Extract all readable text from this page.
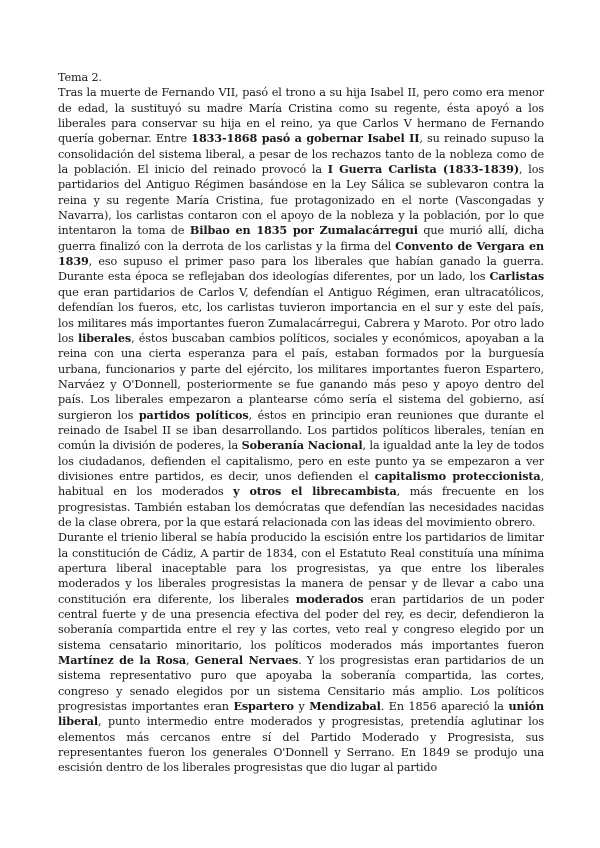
Tema 2.

Tras la muerte de Fernando VII, pasó el trono a su hija Isabel II, pero como era menor de edad, la sustituyó su madre María Cristina como su regente, ésta apoyó a los liberales para conservar su hija en el reino, ya que Carlos V hermano de Fernando quería gobernar. Entre 1833-1868 pasó a gobernar Isabel II, su reinado supuso la consolidación del sistema liberal, a pesar de los rechazos tanto de la nobleza como de la población. El inicio del reinado provocó la I Guerra Carlista (1833-1839), los partidarios del Antiguo Régimen basándose en la Ley Sálica se sublevaron contra la reina y su regente María Cristina, fue protagonizado en el norte (Vascongadas y Navarra), los carlistas contaron con el apoyo de la nobleza y la población, por lo que intentaron la toma de Bilbao en 1835 por Zumalacárregui que murió allí, dicha guerra finalizó con la derrota de los carlistas y la firma del Convento de Vergara en 1839, eso supuso el primer paso para los liberales que habían ganado la guerra. Durante esta época se reflejaban dos ideologías diferentes, por un lado, los Carlistas que eran partidarios de Carlos V, defendían el Antiguo Régimen, eran ultracatólicos, defendían los fueros, etc, los carlistas tuvieron importancia en el sur y este del país, los militares más importantes fueron Zumalacárregui, Cabrera y Maroto. Por otro lado los liberales, éstos buscaban cambios políticos, sociales y económicos, apoyaban a la reina con una cierta esperanza para el país, estaban formados por la burguesía urbana, funcionarios y parte del ejército, los militares importantes fueron Espartero, Narváez y O'Donnell, posteriormente se fue ganando más peso y apoyo dentro del país. Los liberales empezaron a plantearse cómo sería el sistema del gobierno, así surgieron los partidos políticos, éstos en principio eran reuniones que durante el reinado de Isabel II se iban desarrollando. Los partidos políticos liberales, tenían en común la división de poderes, la Soberanía Nacional, la igualdad ante la ley de todos los ciudadanos, defienden el capitalismo, pero en este punto ya se empezaron a ver divisiones entre partidos, es decir, unos defienden el capitalismo proteccionista, habitual en los moderados y otros el librecambista, más frecuente en los progresistas. También estaban los demócratas que defendían las necesidades nacidas de la clase obrera, por la que estará relacionada con las ideas del movimiento obrero.

Durante el trienio liberal se había producido la escisión entre los partidarios de limitar la constitución de Cádiz, A partir de 1834, con el Estatuto Real constituía una mínima apertura liberal inaceptable para los progresistas, ya que entre los liberales moderados y los liberales progresistas la manera de pensar y de llevar a cabo una constitución era diferente, los liberales moderados eran partidarios de un poder central fuerte y de una presencia efectiva del poder del rey, es decir, defendieron la soberanía compartida entre el rey y las cortes, veto real y congreso elegido por un sistema censatario minoritario, los políticos moderados más importantes fueron Martínez de la Rosa, General Nervaes. Y los progresistas eran partidarios de un sistema representativo puro que apoyaba la soberanía compartida, las cortes, congreso y senado elegidos por un sistema Censitario más amplio. Los políticos progresistas importantes eran Espartero y Mendizabal. En 1856 apareció la unión liberal, punto intermedio entre moderados y progresistas, pretendía aglutinar los elementos más cercanos entre sí del Partido Moderado y Progresista, sus representantes fueron los generales O'Donnell y Serrano. En 1849 se produjo una escisión dentro de los liberales progresistas que dio lugar al partido
